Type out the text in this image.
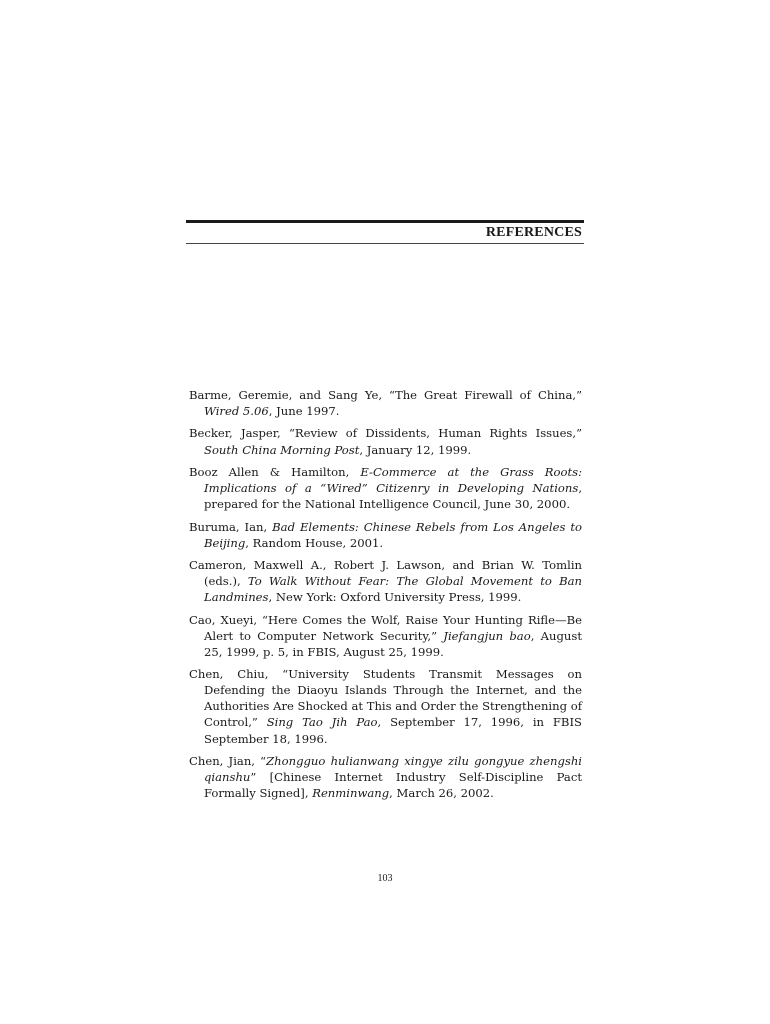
REFERENCES
Barme, Geremie, and Sang Ye, “The Great Firewall of China,” Wired 5.06, June 1997.
Becker, Jasper, “Review of Dissidents, Human Rights Issues,” South China Morning Post, January 12, 1999.
Booz Allen & Hamilton, E-Commerce at the Grass Roots: Implications of a “Wired” Citizenry in Developing Nations, prepared for the National Intelligence Council, June 30, 2000.
Buruma, Ian, Bad Elements: Chinese Rebels from Los Angeles to Beijing, Random House, 2001.
Cameron, Maxwell A., Robert J. Lawson, and Brian W. Tomlin (eds.), To Walk Without Fear: The Global Movement to Ban Landmines, New York: Oxford University Press, 1999.
Cao, Xueyi, “Here Comes the Wolf, Raise Your Hunting Rifle—Be Alert to Computer Network Security,” Jiefangjun bao, August 25, 1999, p. 5, in FBIS, August 25, 1999.
Chen, Chiu, “University Students Transmit Messages on Defending the Diaoyu Islands Through the Internet, and the Authorities Are Shocked at This and Order the Strengthening of Control,” Sing Tao Jih Pao, September 17, 1996, in FBIS September 18, 1996.
Chen, Jian, “Zhongguo hulianwang xingye zilu gongyue zhengshi qianshu” [Chinese Internet Industry Self-Discipline Pact Formally Signed], Renminwang, March 26, 2002.
103
